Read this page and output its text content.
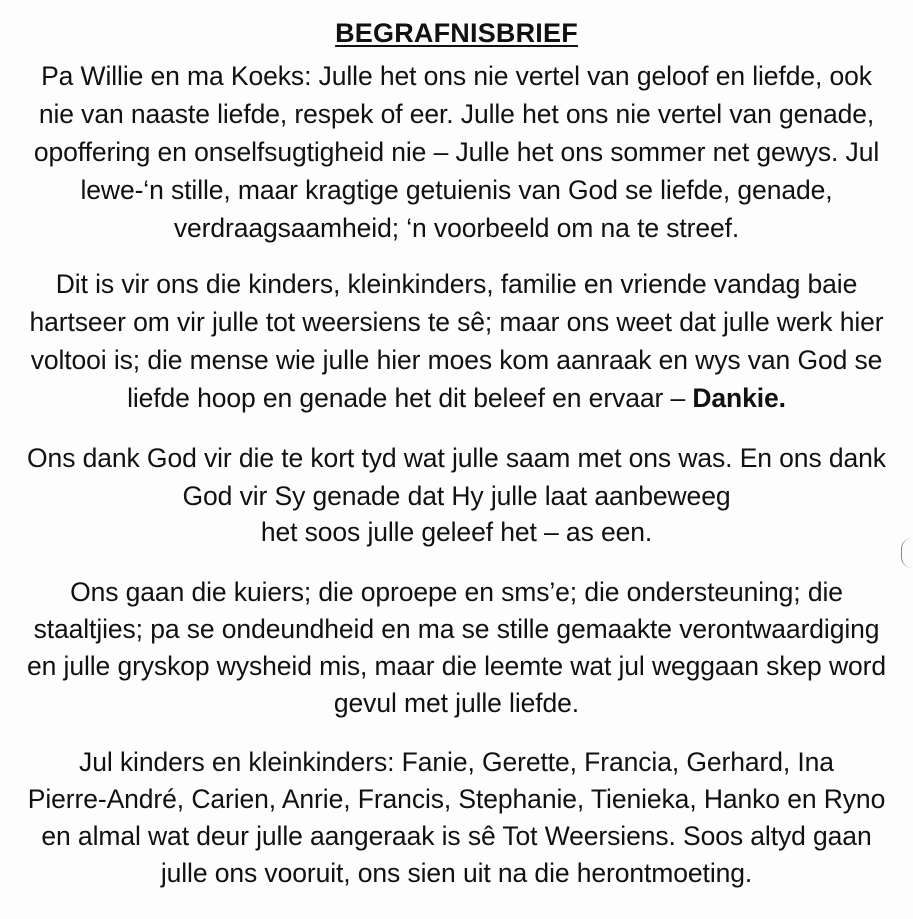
BEGRAFNISBRIEF
Pa Willie en ma Koeks: Julle het ons nie vertel van geloof en liefde, ook
nie van naaste liefde, respek of eer. Julle het ons nie vertel van genade,
opoffering en onselfsugtigheid nie – Julle het ons sommer net gewys. Jul
lewe-‘n stille, maar kragtige getuienis van God se liefde, genade,
verdraagsaamheid; ‘n voorbeeld om na te streef.
Dit is vir ons die kinders, kleinkinders, familie en vriende vandag baie
hartseer om vir julle tot weersiens te sê; maar ons weet dat julle werk hier
voltooi is; die mense wie julle hier moes kom aanraak en wys van God se
liefde hoop en genade het dit beleef en ervaar – Dankie.
Ons dank God vir die te kort tyd wat julle saam met ons was. En ons dank
God vir Sy genade dat Hy julle laat aanbeweeg
het soos julle geleef het – as een.
Ons gaan die kuiers; die oproepe en sms’e; die ondersteuning; die
staaltjies; pa se ondeundheid en ma se stille gemaakte verontwaardiging
en julle gryskop wysheid mis, maar die leemte wat jul weggaan skep word
gevul met julle liefde.
Jul kinders en kleinkinders: Fanie, Gerette, Francia, Gerhard, Ina
Pierre-André, Carien, Anrie, Francis, Stephanie, Tienieka, Hanko en Ryno
en almal wat deur julle aangeraak is sê Tot Weersiens. Soos altyd gaan
julle ons vooruit, ons sien uit na die herontmoeting.
